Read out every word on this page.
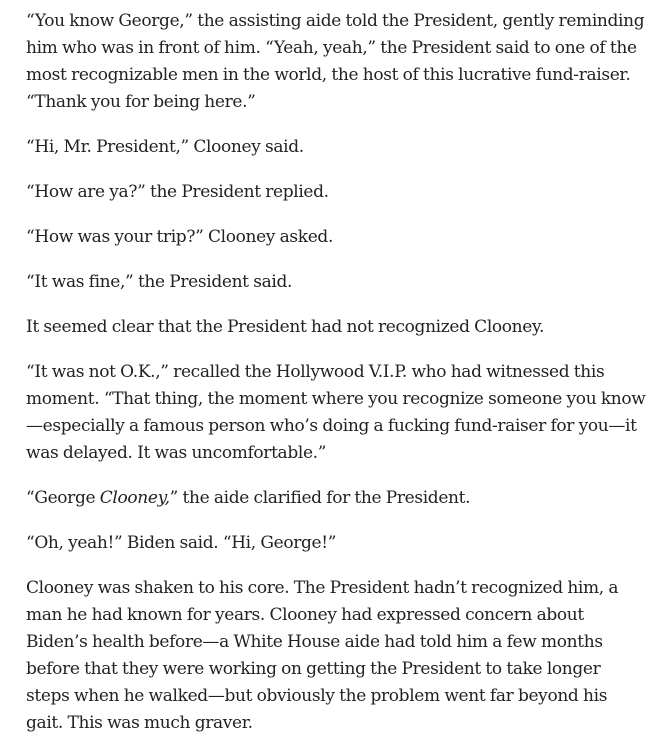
“You know George,” the assisting aide told the President, gently reminding him who was in front of him. “Yeah, yeah,” the President said to one of the most recognizable men in the world, the host of this lucrative fund-raiser. “Thank you for being here.”

“Hi, Mr. President,” Clooney said.

“How are ya?” the President replied.

“How was your trip?” Clooney asked.

“It was fine,” the President said.

It seemed clear that the President had not recognized Clooney.

“It was not O.K.,” recalled the Hollywood V.I.P. who had witnessed this moment. “That thing, the moment where you recognize someone you know—especially a famous person who’s doing a fucking fund-raiser for you—it was delayed. It was uncomfortable.”

“George Clooney,” the aide clarified for the President.

“Oh, yeah!” Biden said. “Hi, George!”

Clooney was shaken to his core. The President hadn’t recognized him, a man he had known for years. Clooney had expressed concern about Biden’s health before—a White House aide had told him a few months before that they were working on getting the President to take longer steps when he walked—but obviously the problem went far beyond his gait. This was much graver.
